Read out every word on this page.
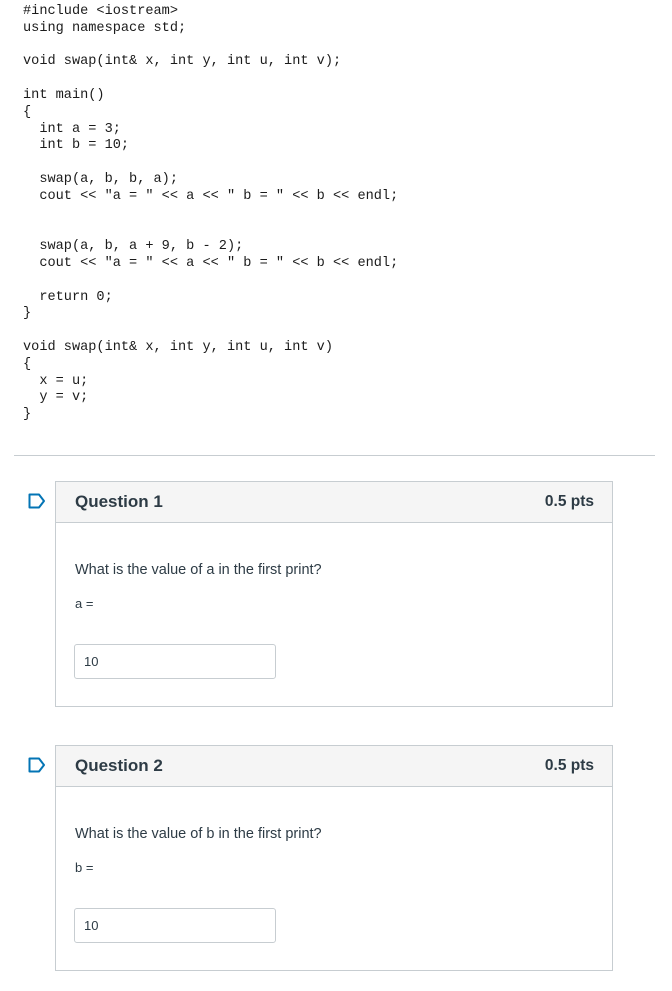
#include <iostream>
using namespace std;
void swap(int& x, int y, int u, int v);
int main()
{
int a = 3;
int b = 10;
swap(a, b, b, a);
cout << "a = " << a << " b = " << b << endl;
swap(a, b, a + 9, b - 2);
cout << "a = " << a << " b = " << b << endl;
return 0;
}
void swap(int& x, int y, int u, int v)
{
x = u;
y = v;
}
Question 1	0.5 pts
What is the value of a in the first print?
a =
10
Question 2	0.5 pts
What is the value of b in the first print?
b =
10
